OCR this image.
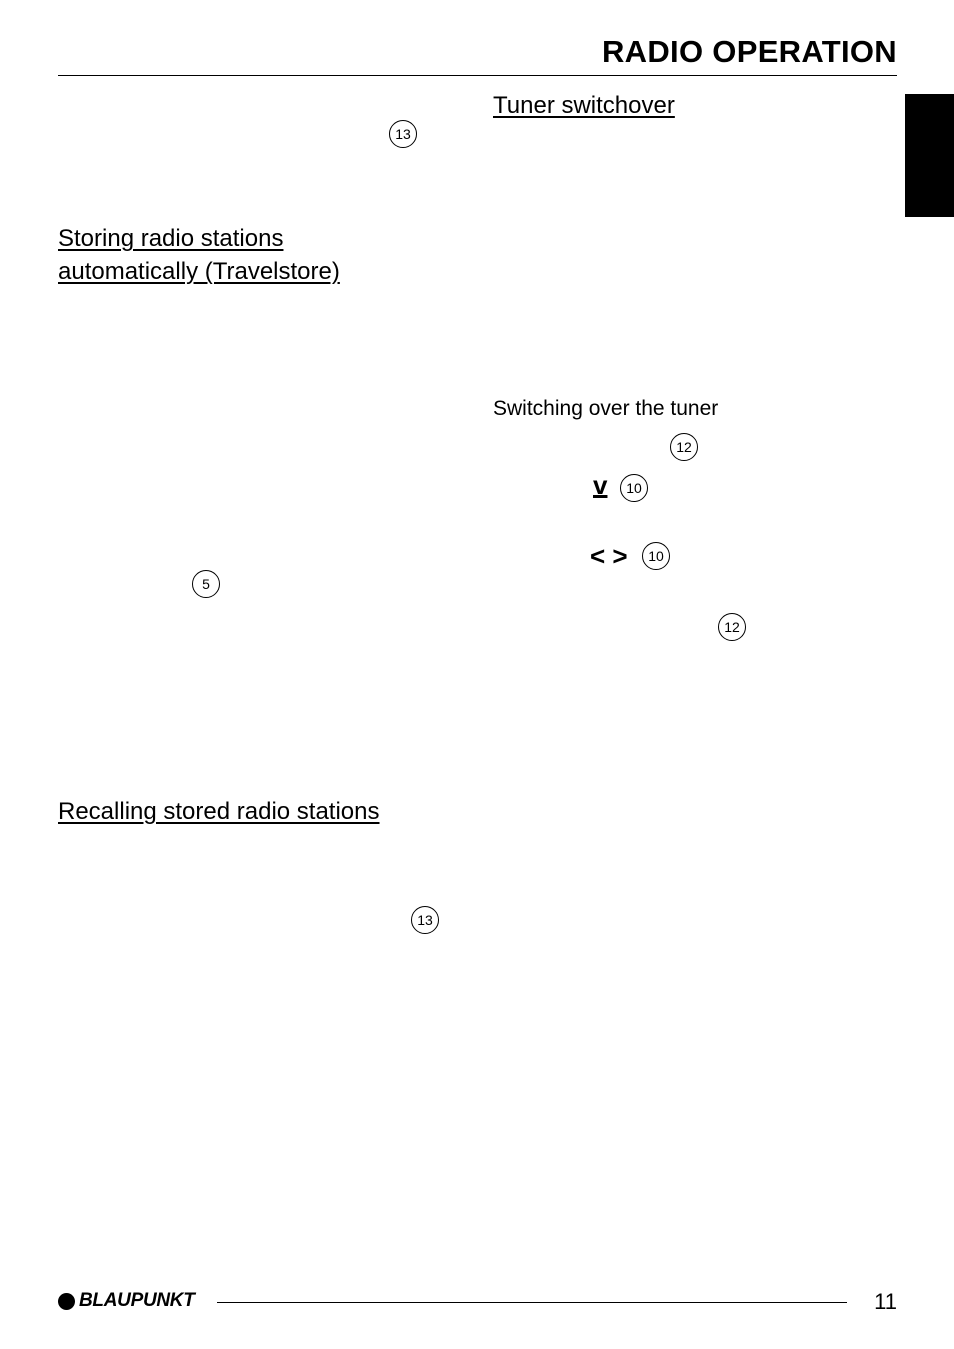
RADIO OPERATION
13
Storing radio stations
automatically (Travelstore)
5
Recalling stored radio stations
13
Tuner switchover
Switching over the tuner
12
v	10
< >	10
12
BLAUPUNKT	11
